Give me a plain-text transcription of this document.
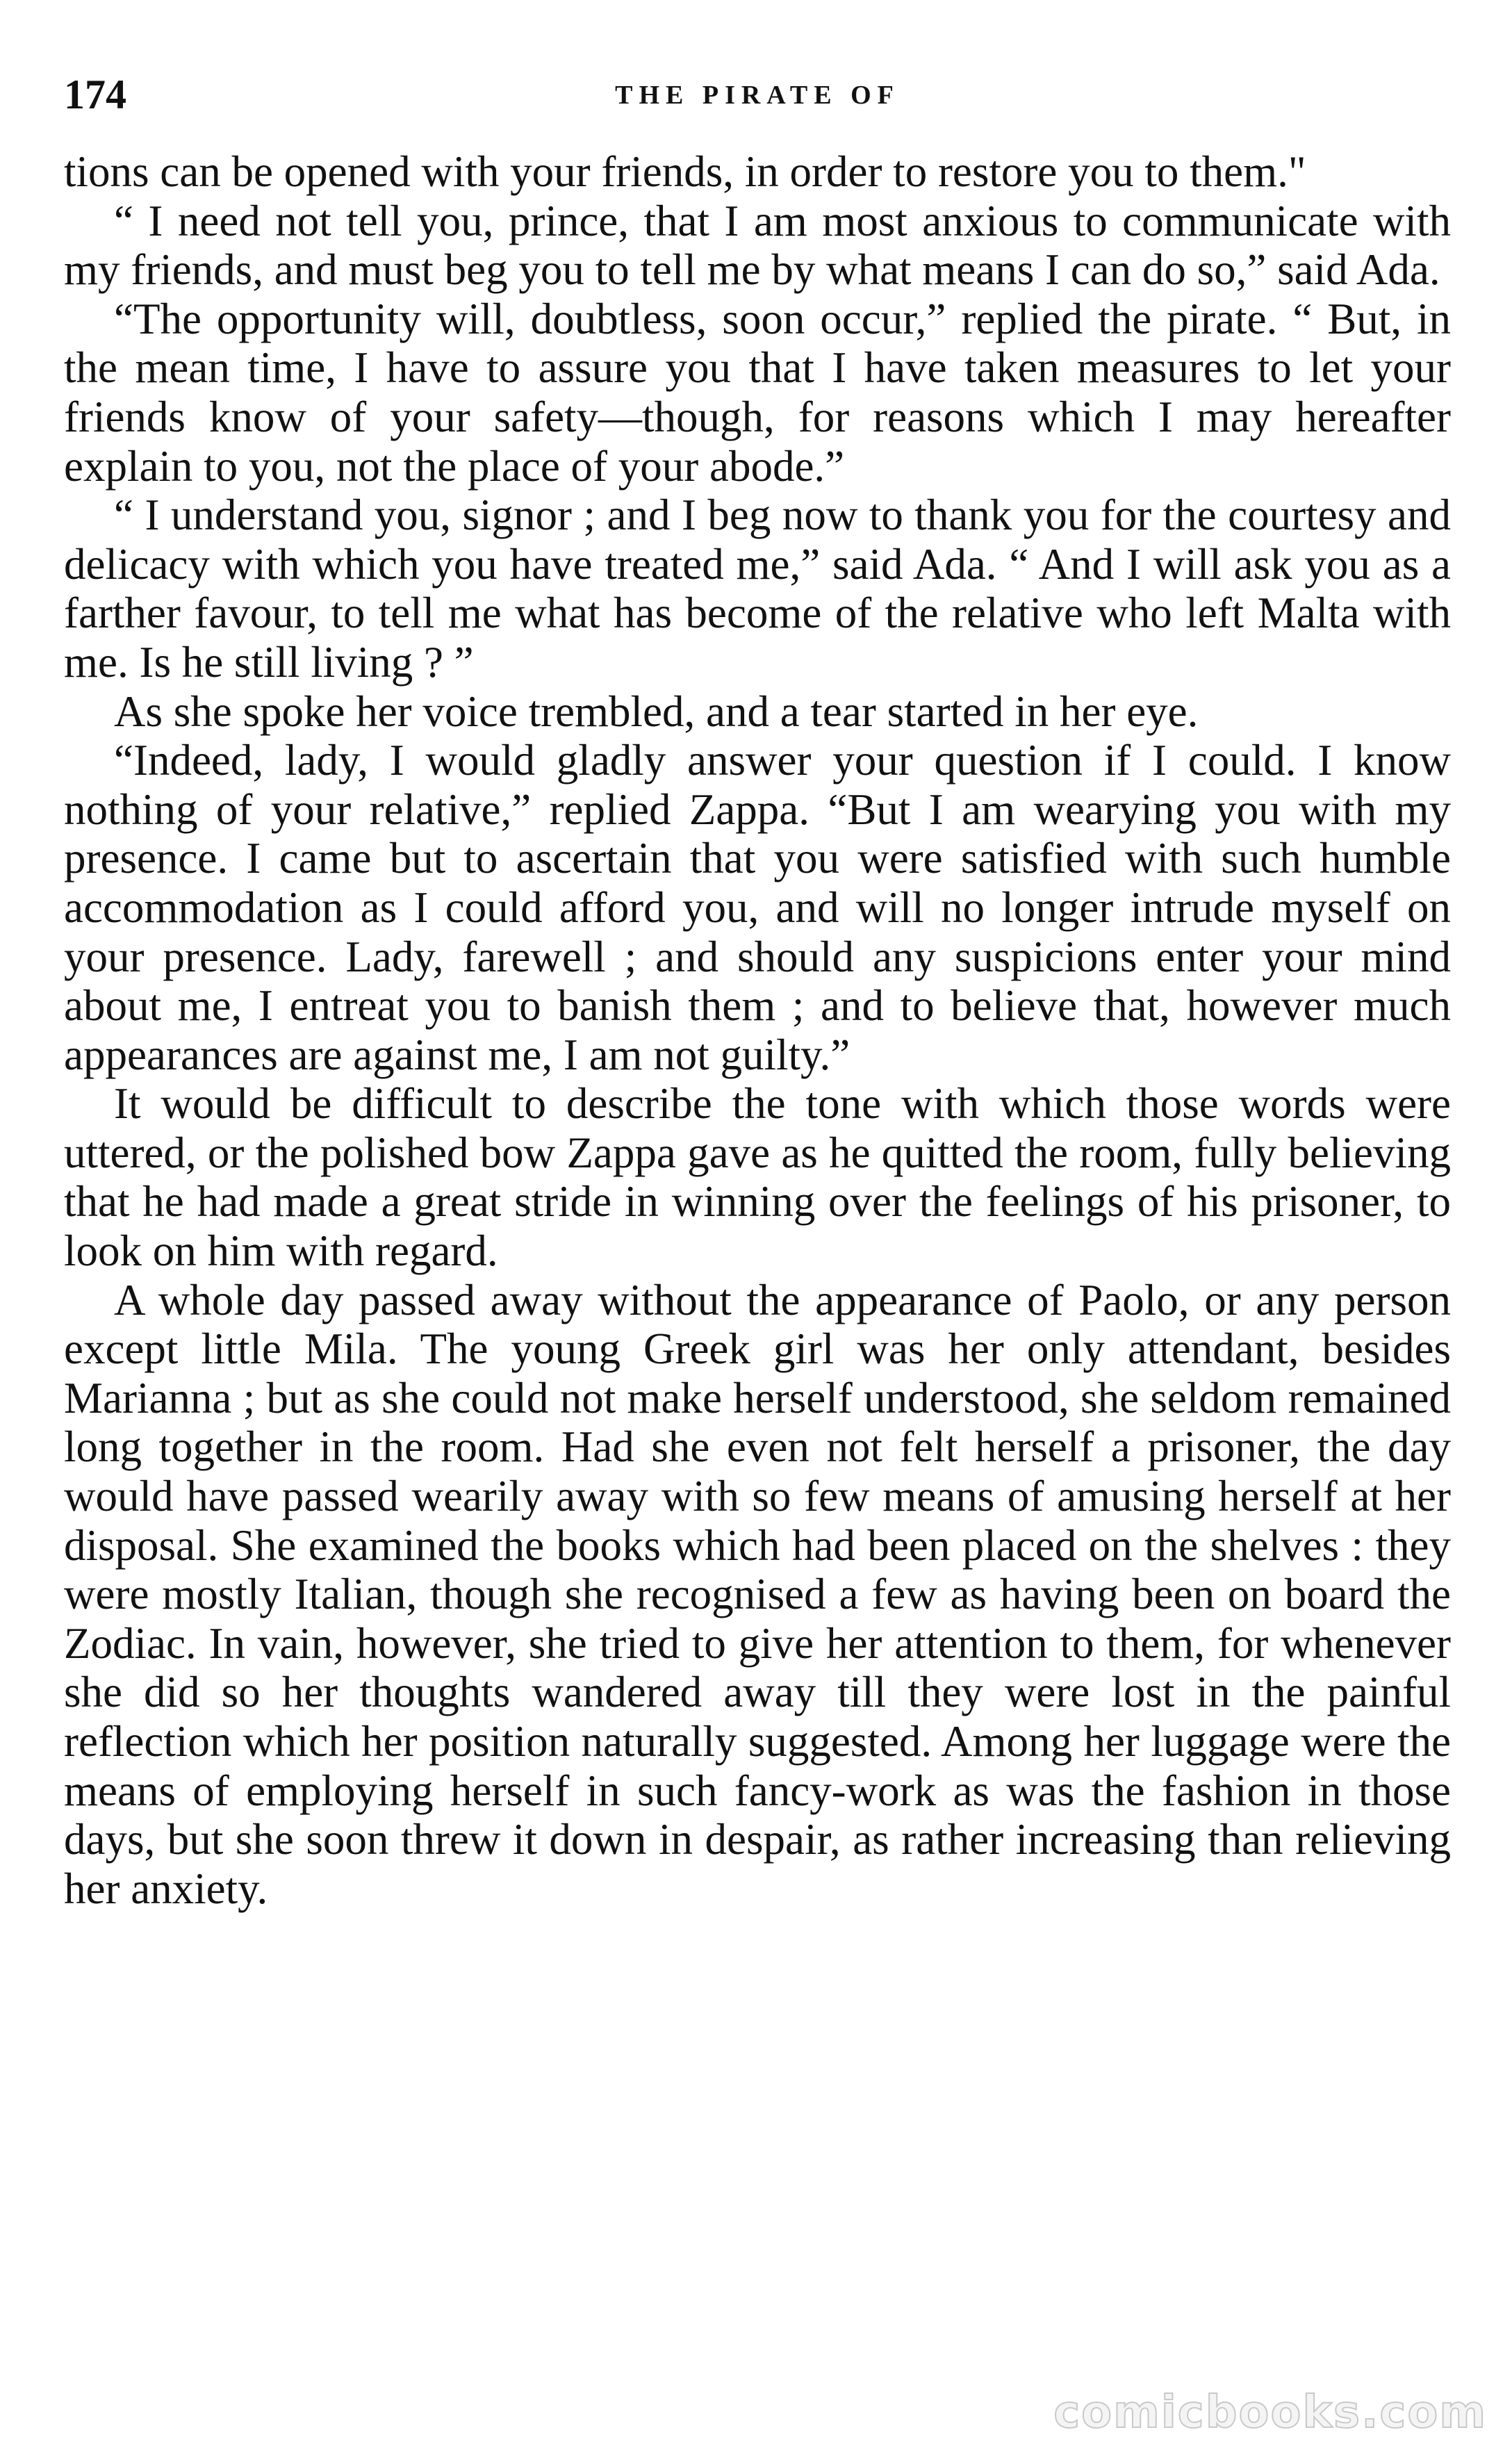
174	THE PIRATE OF

tions can be opened with your friends, in order to restore you to them."

“ I need not tell you, prince, that I am most anxious to communicate with my friends, and must beg you to tell me by what means I can do so,” said Ada.

“The opportunity will, doubtless, soon occur,” replied the pirate. “ But, in the mean time, I have to assure you that I have taken measures to let your friends know of your safety—though, for reasons which I may hereafter explain to you, not the place of your abode.”

“ I understand you, signor ; and I beg now to thank you for the courtesy and delicacy with which you have treated me,” said Ada. “ And I will ask you as a farther favour, to tell me what has become of the relative who left Malta with me. Is he still living ? ”

As she spoke her voice trembled, and a tear started in her eye.

“Indeed, lady, I would gladly answer your question if I could. I know nothing of your relative,” replied Zappa. “But I am wearying you with my presence. I came but to ascertain that you were satisfied with such humble accommodation as I could afford you, and will no longer intrude myself on your presence. Lady, farewell ; and should any suspicions enter your mind about me, I entreat you to banish them ; and to believe that, however much appearances are against me, I am not guilty.”

It would be difficult to describe the tone with which those words were uttered, or the polished bow Zappa gave as he quitted the room, fully believing that he had made a great stride in winning over the feelings of his prisoner, to look on him with regard.

A whole day passed away without the appearance of Paolo, or any person except little Mila. The young Greek girl was her only attendant, besides Marianna ; but as she could not make herself understood, she seldom remained long together in the room. Had she even not felt herself a prisoner, the day would have passed wearily away with so few means of amusing herself at her disposal. She examined the books which had been placed on the shelves : they were mostly Italian, though she recognised a few as having been on board the Zodiac. In vain, however, she tried to give her attention to them, for whenever she did so her thoughts wandered away till they were lost in the painful reflection which her position naturally suggested. Among her luggage were the means of employing herself in such fancy-work as was the fashion in those days, but she soon threw it down in despair, as rather increasing than relieving her anxiety.

comicbooks.com
